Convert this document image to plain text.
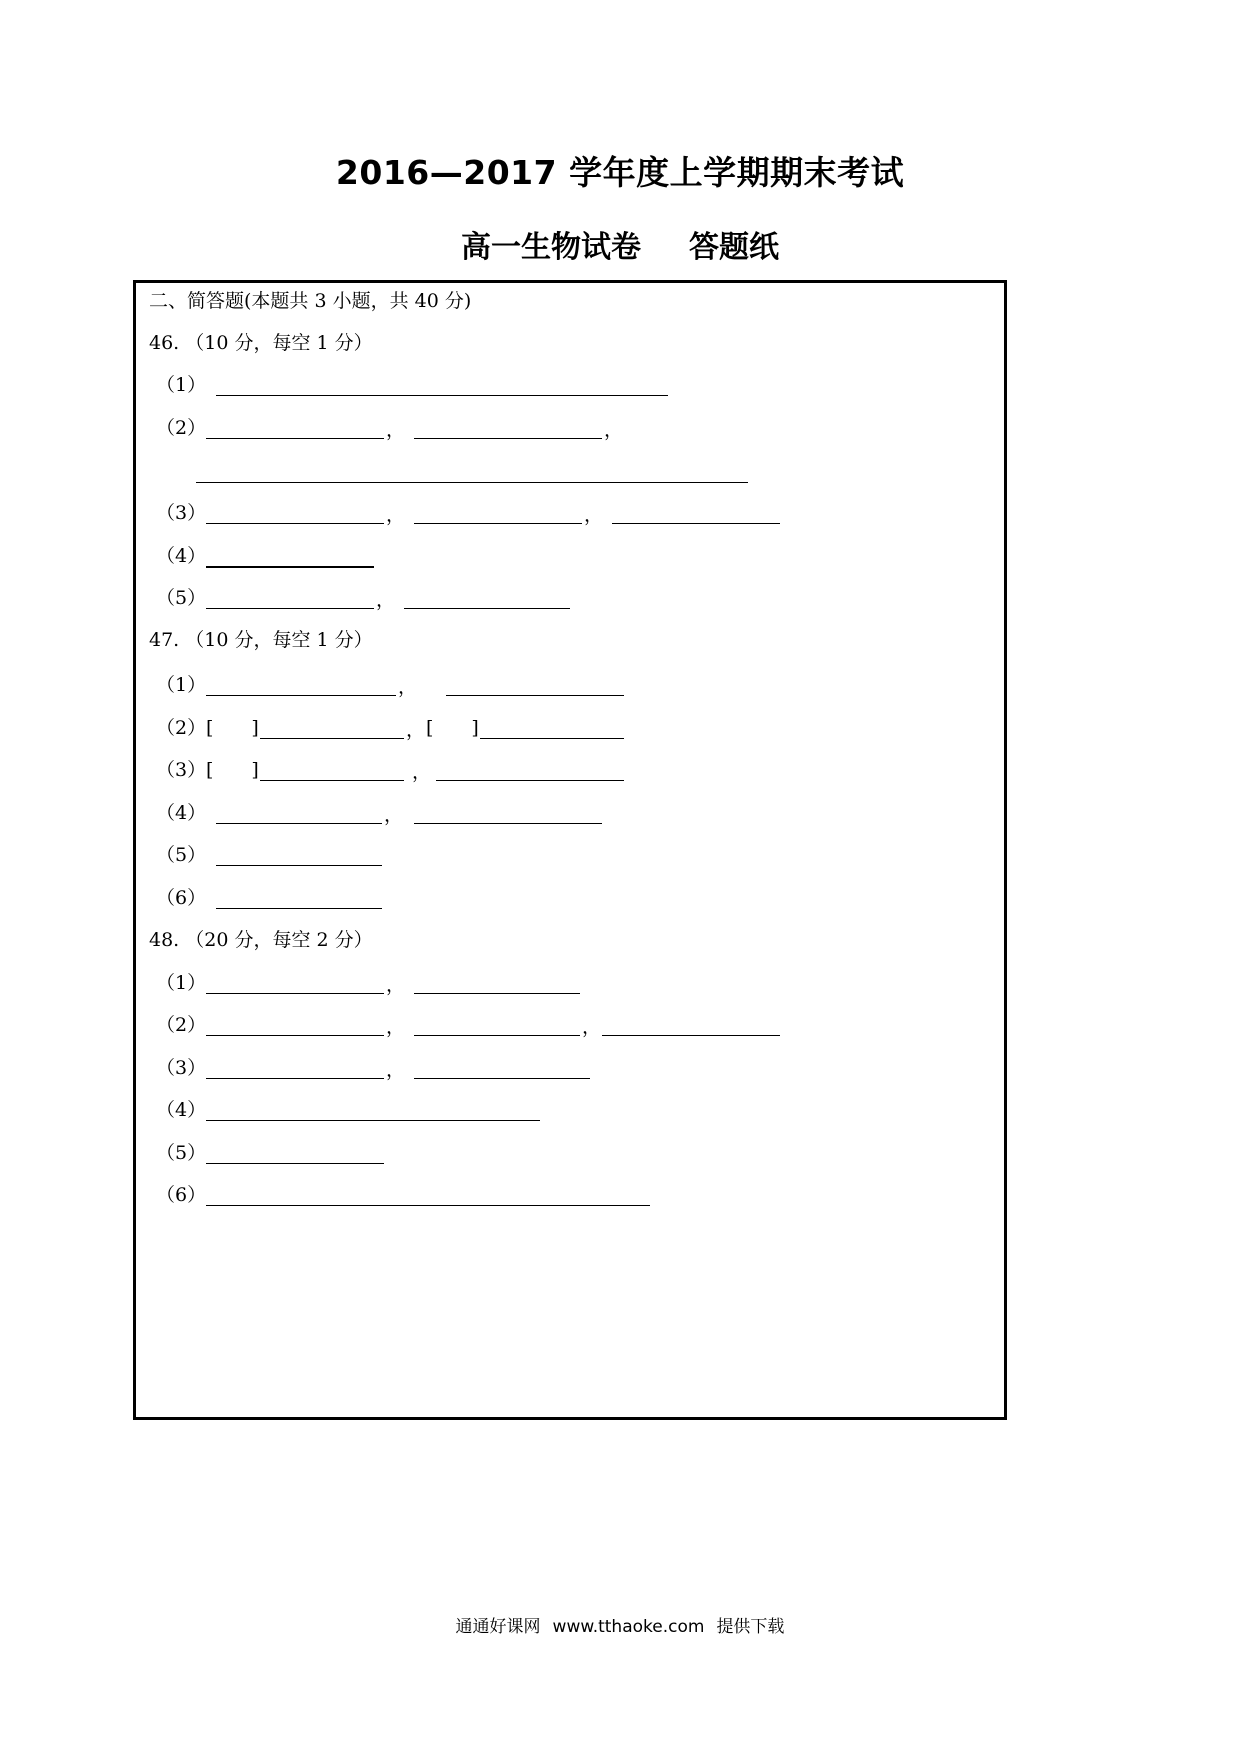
2016—2017 学年度上学期期末考试
高一生物试卷 答题纸
二、简答题(本题共 3 小题，共 40 分)
46. （10 分，每空 1 分）
（1）
（2）	，	，
（3）	，	，
（4）
（5）	，
47. （10 分，每空 1 分）
（1）	，
（2） [　　]	， [　　]
（3） [　　]	，
（4）	，
（5）
（6）
48. （20 分，每空 2 分）
（1）	，
（2）	，	，
（3）	，
（4）
（5）
（6）
通通好课网 www.tthaoke.com 提供下载
